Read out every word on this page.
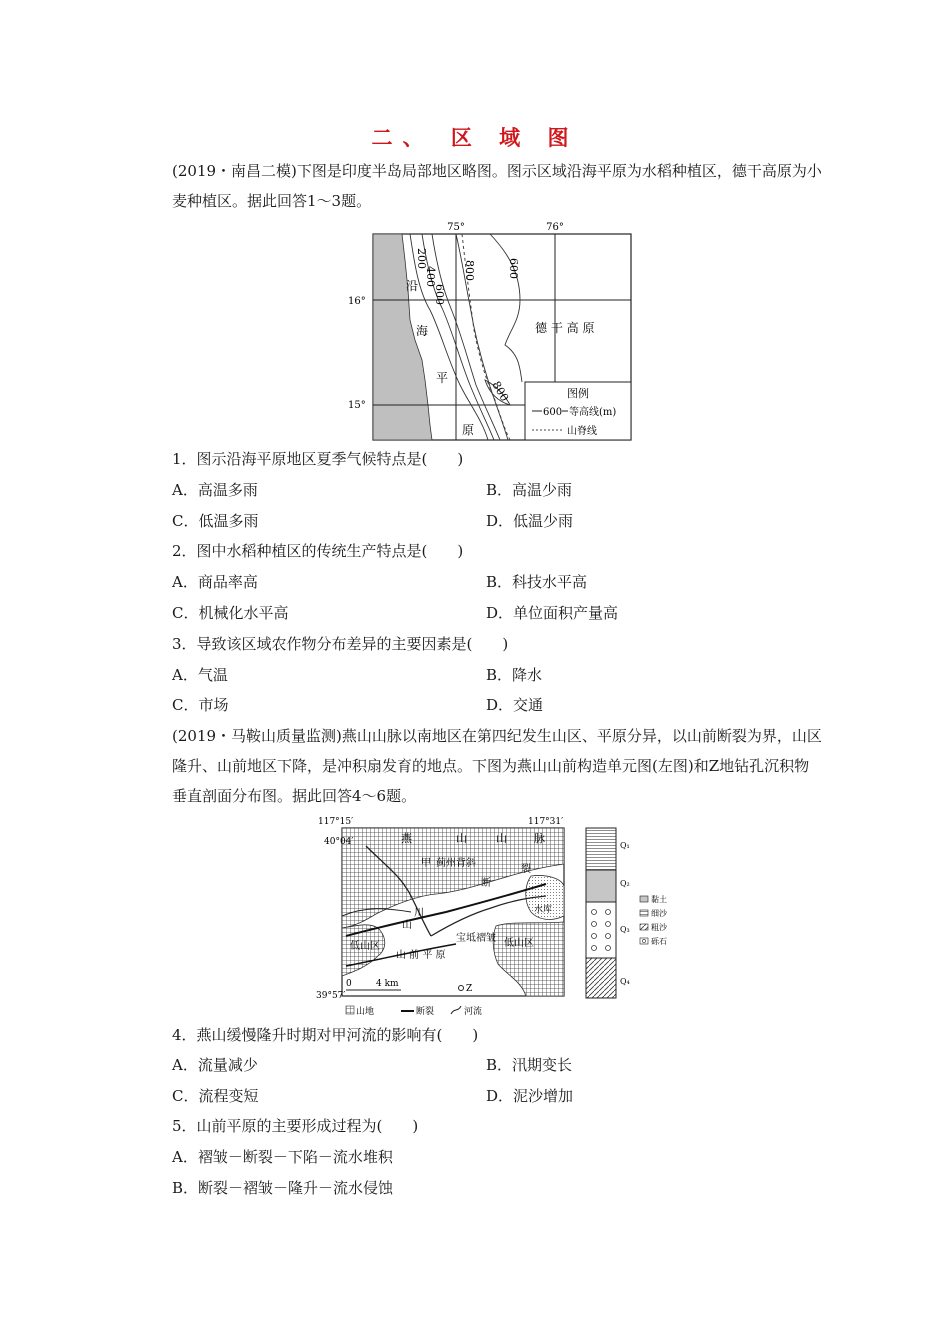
二、 区 域 图
(2019・南昌二模)下图是印度半岛局部地区略图。图示区域沿海平原为水稻种植区，德干高原为小麦种植区。据此回答1～3题。
75°	76°
16°
15°
200
400
600
800	600
800
沿
海
平
原
德 干 高 原
图例
600 等高线(m)
山脊线
1．图示沿海平原地区夏季气候特点是(　　)
A．高温多雨	B．高温少雨
C．低温多雨	D．低温少雨
2．图中水稻种植区的传统生产特点是(　　)
A．商品率高	B．科技水平高
C．机械化水平高	D．单位面积产量高
3．导致该区域农作物分布差异的主要因素是(　　)
A．气温	B．降水
C．市场	D．交通
(2019・马鞍山质量监测)燕山山脉以南地区在第四纪发生山区、平原分异，以山前断裂为界，山区隆升、山前地区下降，是冲积扇发育的地点。下图为燕山山前构造单元图(左图)和Z地钻孔沉积物垂直剖面分布图。据此回答4～6题。
40°04′
39°57′
117°15′	117°31′
燕	山	山 脉
甲 蓟州背斜
断
裂
低山区
水库
宝坻褶皱 低山区
山 前 平 原
山
川
0	4 km	Z
山地	断裂	河流
Q₁
Q₂
Q₃
Q₄
黏土
细沙
粗沙
砾石
4．燕山缓慢隆升时期对甲河流的影响有(　　)
A．流量减少	B．汛期变长
C．流程变短	D．泥沙增加
5．山前平原的主要形成过程为(　　)
A．褶皱－断裂－下陷－流水堆积
B．断裂－褶皱－隆升－流水侵蚀
